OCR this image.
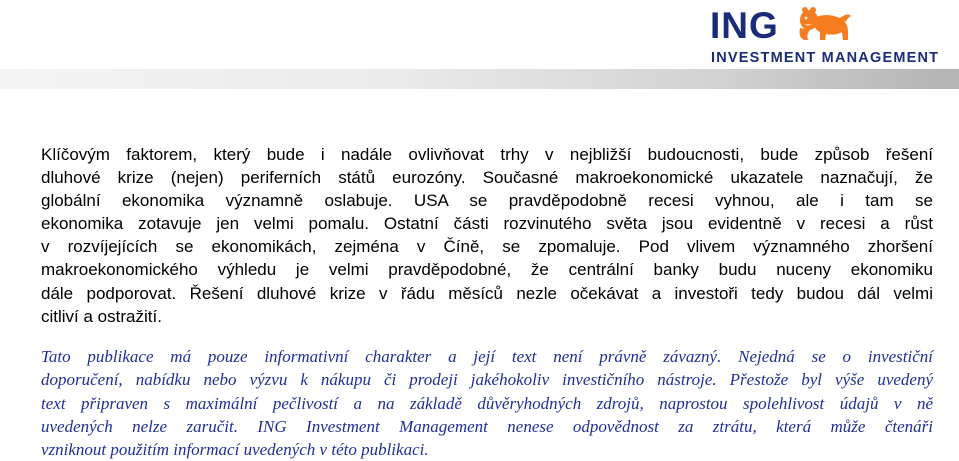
ING
INVESTMENT MANAGEMENT
Klíčovým faktorem, který bude i nadále ovlivňovat trhy v nejbližší budoucnosti, bude způsob řešení
dluhové krize (nejen) periferních států eurozóny. Současné makroekonomické ukazatele naznačují, že
globální ekonomika významně oslabuje. USA se pravděpodobně recesi vyhnou, ale i tam se
ekonomika zotavuje jen velmi pomalu. Ostatní části rozvinutého světa jsou evidentně v recesi a růst
v rozvíjejících se ekonomikách, zejména v Číně, se zpomaluje. Pod vlivem významného zhoršení
makroekonomického výhledu je velmi pravděpodobné, že centrální banky budu nuceny ekonomiku
dále podporovat. Řešení dluhové krize v řádu měsíců nezle očekávat a investoři tedy budou dál velmi
citliví a ostražití.
Tato publikace má pouze informativní charakter a její text není právně závazný. Nejedná se o investiční
doporučení, nabídku nebo výzvu k nákupu či prodeji jakéhokoliv investičního nástroje. Přestože byl výše uvedený
text připraven s maximální pečlivostí a na základě důvěryhodných zdrojů, naprostou spolehlivost údajů v ně
uvedených nelze zaručit. ING Investment Management nenese odpovědnost za ztrátu, která může čtenáři
vzniknout použitím informací uvedených v této publikaci.
